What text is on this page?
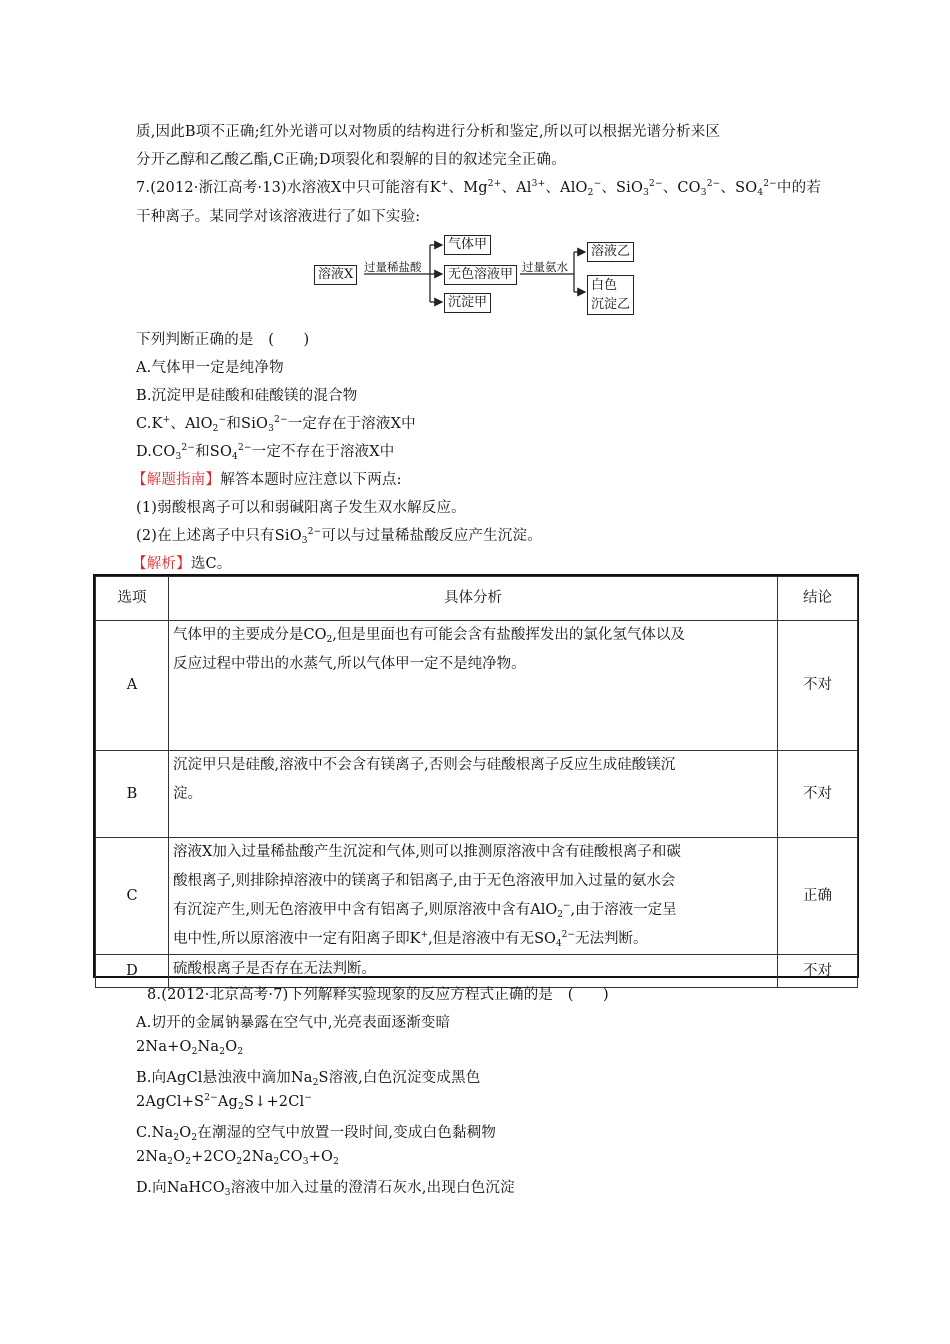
质,因此B项不正确;红外光谱可以对物质的结构进行分析和鉴定,所以可以根据光谱分析来区
分开乙醇和乙酸乙酯,C正确;D项裂化和裂解的目的叙述完全正确。
7.(2012·浙江高考·13)水溶液X中只可能溶有K+、$Mg^{2+}$、$Al^{3+}$、AlO$_2$−、SiO$_3^{2-}$、$CO_3^{2-}$、$SO_4^{2-}$中的若
干种离子。某同学对该溶液进行了如下实验:
溶液X 过量稀盐酸
气体甲
无色溶液甲
沉淀甲
过量氨水
溶液乙
白色
沉淀乙
下列判断正确的是　(　　)
A.气体甲一定是纯净物
B.沉淀甲是硅酸和硅酸镁的混合物
C.K+、AlO$_2$−和SiO$_3^{2-}$一定存在于溶液X中
$D.CO_3^{2-}$和$SO_4^{2-}$一定不存在于溶液X中
【解题指南】解答本题时应注意以下两点:
(1)弱酸根离子可以和弱碱阳离子发生双水解反应。
(2)在上述离子中只有SiO$_3^{2-}$可以与过量稀盐酸反应产生沉淀。
【解析】选C。
选项	具体分析	结论
A	气体甲的主要成分是$CO_2$,但是里面也有可能会含有盐酸挥发出的氯化氢气体以及
反应过程中带出的水蒸气,所以气体甲一定不是纯净物。	不对
B	沉淀甲只是硅酸,溶液中不会含有镁离子,否则会与硅酸根离子反应生成硅酸镁沉
淀。	不对
C	溶液X加入过量稀盐酸产生沉淀和气体,则可以推测原溶液中含有硅酸根离子和碳
酸根离子,则排除掉溶液中的镁离子和铝离子,由于无色溶液甲加入过量的氨水会
有沉淀产生,则无色溶液甲中含有铝离子,则原溶液中含有AlO$_2$−,由于溶液一定呈
电中性,所以原溶液中一定有阳离子即K+,但是溶液中有无$SO_4^{2-}$无法判断。	正确
D	硫酸根离子是否存在无法判断。	不对
8.(2012·北京高考·7)下列解释实验现象的反应方程式正确的是　(　　)
A.切开的金属钠暴露在空气中,光亮表面逐渐变暗
$2Na+O_2Na_2O_2$
B.向AgCl悬浊液中滴加$Na_2S$溶液,白色沉淀变成黑色
$2AgCl+S^{2-}Ag_2S↓+2Cl^-$
$C.Na_2O_2$在潮湿的空气中放置一段时间,变成白色黏稠物
$2Na_2O_2+2CO_22Na_2CO_3+O_2$
D.向NaHCO$_3$溶液中加入过量的澄清石灰水,出现白色沉淀
